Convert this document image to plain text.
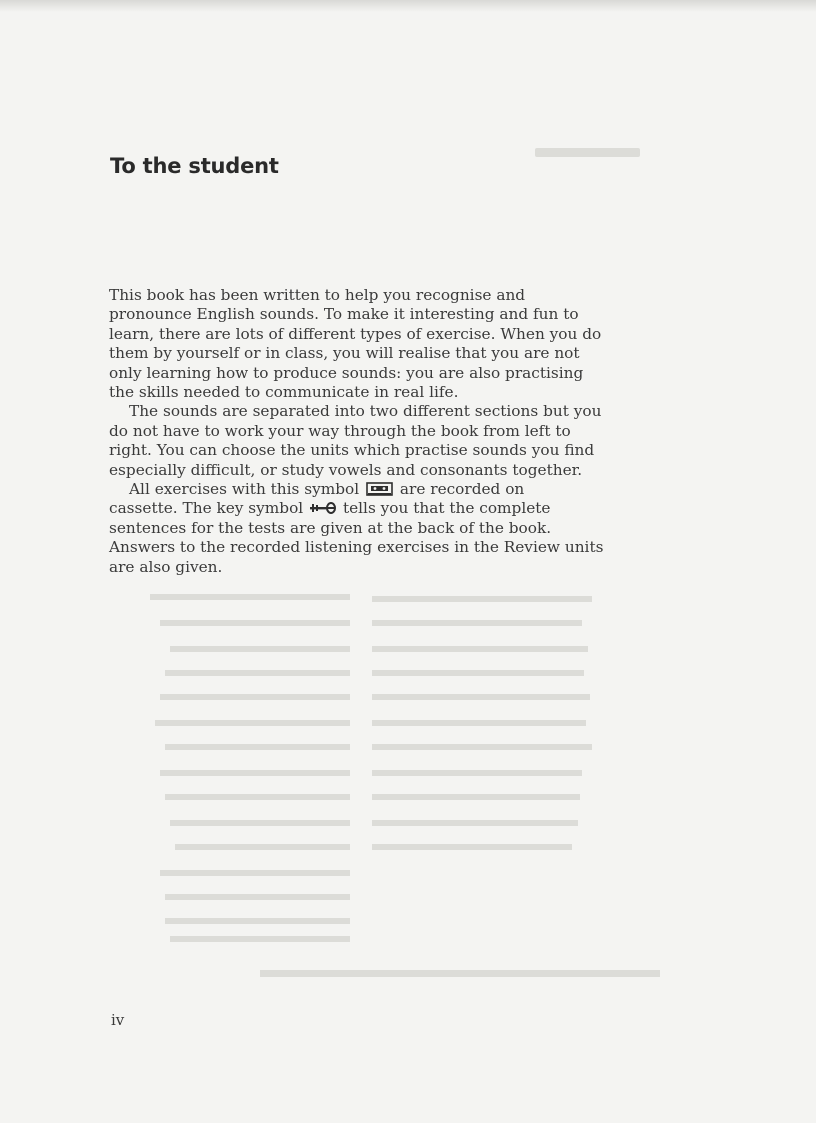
To the student

This book has been written to help you recognise and
pronounce English sounds. To make it interesting and fun to
learn, there are lots of different types of exercise. When you do
them by yourself or in class, you will realise that you are not
only learning how to produce sounds: you are also practising
the skills needed to communicate in real life.

The sounds are separated into two different sections but you
do not have to work your way through the book from left to
right. You can choose the units which practise sounds you find
especially difficult, or study vowels and consonants together.

All exercises with this symbol	are recorded on
cassette. The key symbol	tells you that the complete
sentences for the tests are given at the back of the book.
Answers to the recorded listening exercises in the Review units
are also given.

iv
